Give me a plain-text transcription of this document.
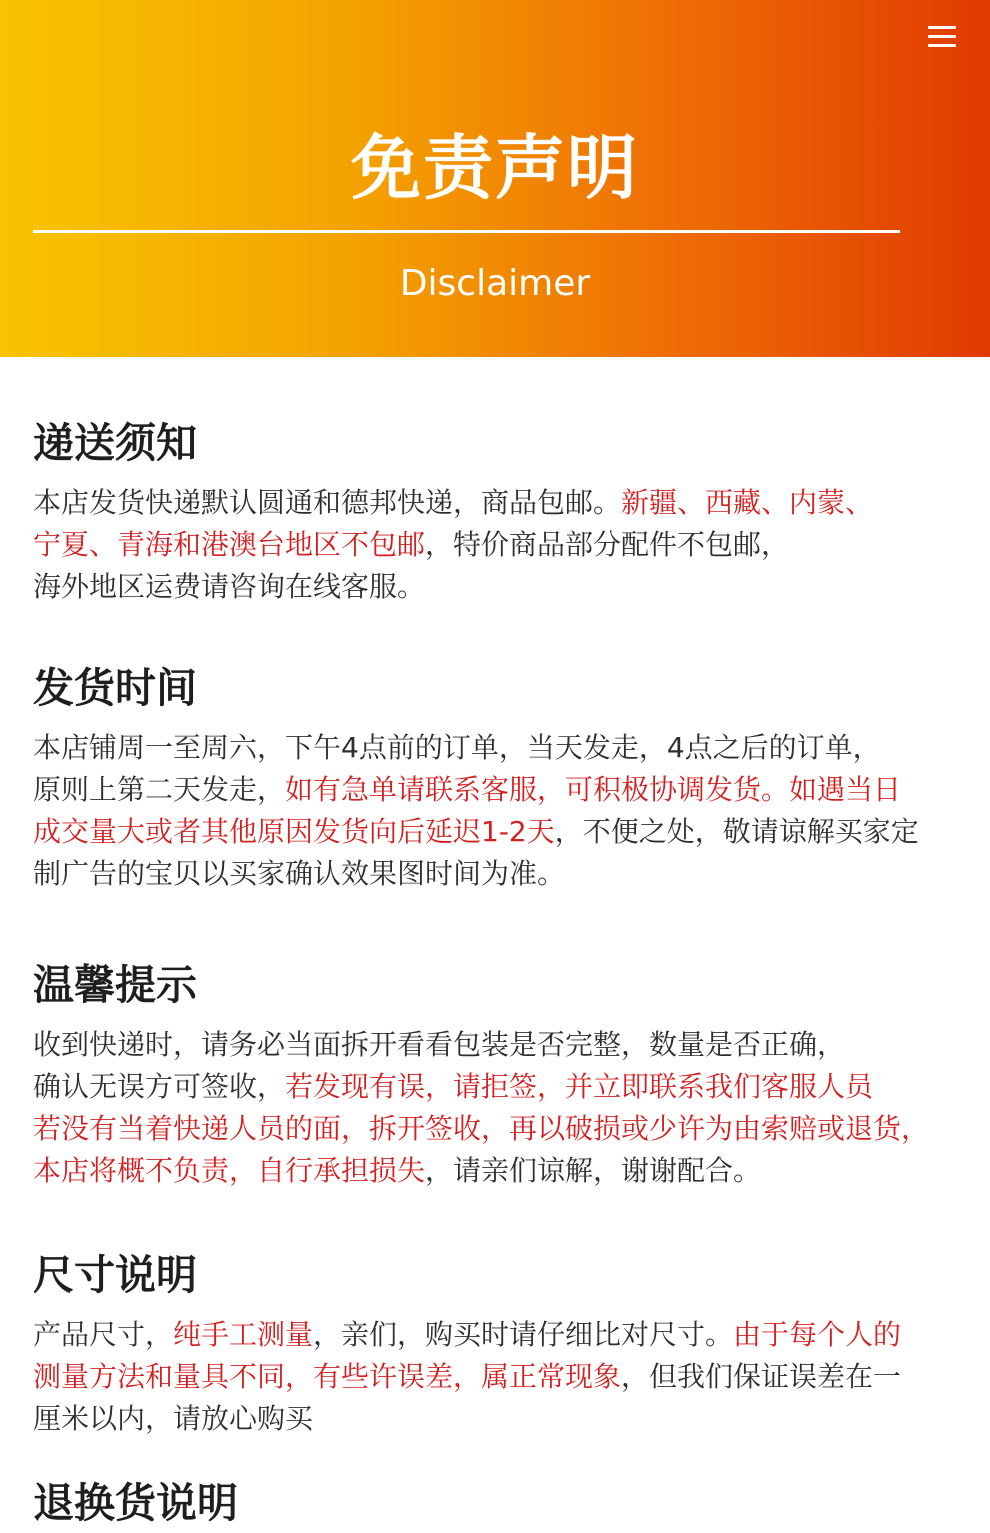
免责声明
Disclaimer
递送须知
本店发货快递默认圆通和德邦快递，商品包邮。新疆、西藏、内蒙、
宁夏、青海和港澳台地区不包邮，特价商品部分配件不包邮，
海外地区运费请咨询在线客服。
发货时间
本店铺周一至周六，下午4点前的订单，当天发走，4点之后的订单，
原则上第二天发走，如有急单请联系客服，可积极协调发货。如遇当日
成交量大或者其他原因发货向后延迟1-2天，不便之处，敬请谅解买家定
制广告的宝贝以买家确认效果图时间为准。
温馨提示
收到快递时，请务必当面拆开看看包装是否完整，数量是否正确，
确认无误方可签收，若发现有误，请拒签，并立即联系我们客服人员
若没有当着快递人员的面，拆开签收，再以破损或少许为由索赔或退货，
本店将概不负责，自行承担损失，请亲们谅解，谢谢配合。
尺寸说明
产品尺寸，纯手工测量，亲们，购买时请仔细比对尺寸。由于每个人的
测量方法和量具不同，有些许误差，属正常现象，但我们保证误差在一
厘米以内，请放心购买
退换货说明
